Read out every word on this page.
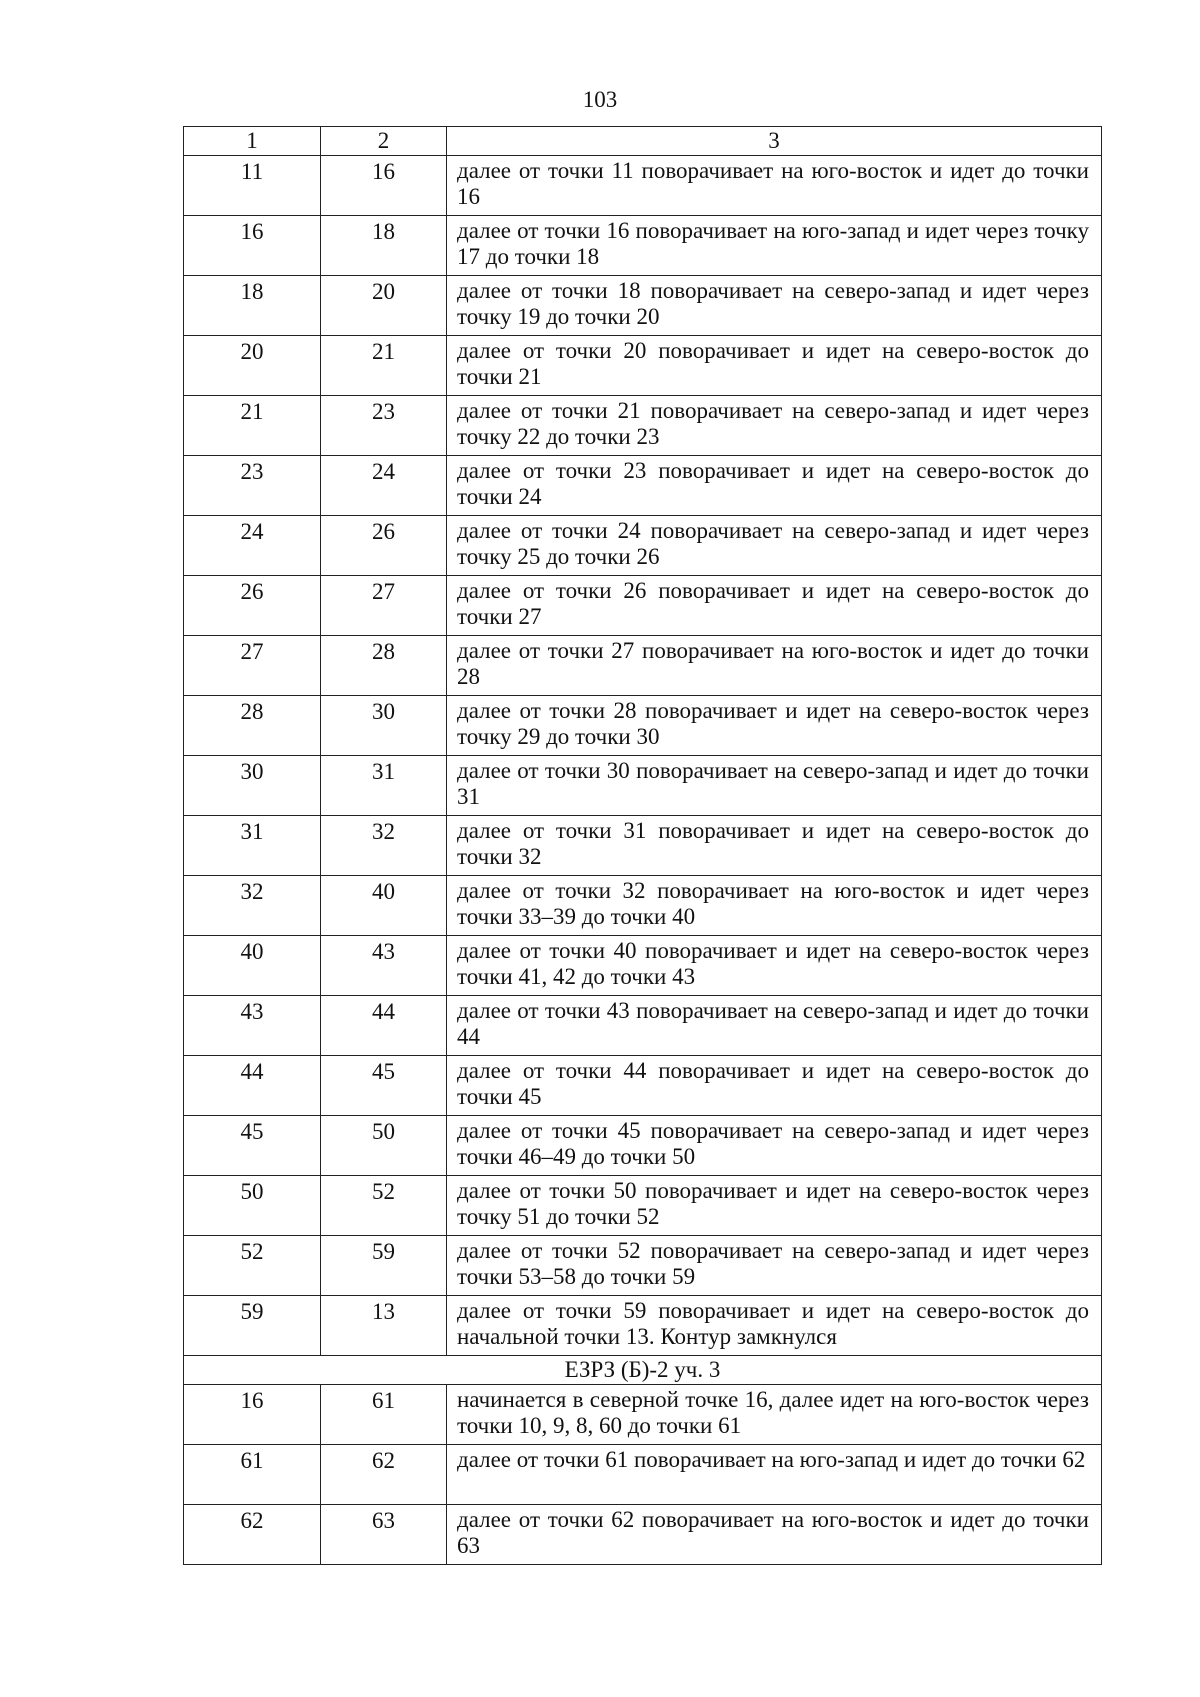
103
1	2	3
11	16	далее от точки 11 поворачивает на юго-восток и идет до точки 16
16	18	далее от точки 16 поворачивает на юго-запад и идет через точку 17 до точки 18
18	20	далее от точки 18 поворачивает на северо-запад и идет через точку 19 до точки 20
20	21	далее от точки 20 поворачивает и идет на северо-восток до точки 21
21	23	далее от точки 21 поворачивает на северо-запад и идет через точку 22 до точки 23
23	24	далее от точки 23 поворачивает и идет на северо-восток до точки 24
24	26	далее от точки 24 поворачивает на северо-запад и идет через точку 25 до точки 26
26	27	далее от точки 26 поворачивает и идет на северо-восток до точки 27
27	28	далее от точки 27 поворачивает на юго-восток и идет до точки 28
28	30	далее от точки 28 поворачивает и идет на северо-восток через точку 29 до точки 30
30	31	далее от точки 30 поворачивает на северо-запад и идет до точки 31
31	32	далее от точки 31 поворачивает и идет на северо-восток до точки 32
32	40	далее от точки 32 поворачивает на юго-восток и идет через точки 33–39 до точки 40
40	43	далее от точки 40 поворачивает и идет на северо-восток через точки 41, 42 до точки 43
43	44	далее от точки 43 поворачивает на северо-запад и идет до точки 44
44	45	далее от точки 44 поворачивает и идет на северо-восток до точки 45
45	50	далее от точки 45 поворачивает на северо-запад и идет через точки 46–49 до точки 50
50	52	далее от точки 50 поворачивает и идет на северо-восток через точку 51 до точки 52
52	59	далее от точки 52 поворачивает на северо-запад и идет через точки 53–58 до точки 59
59	13	далее от точки 59 поворачивает и идет на северо-восток до начальной точки 13. Контур замкнулся
ЕЗРЗ (Б)-2 уч. 3		
16	61	начинается в северной точке 16, далее идет на юго-восток через точки 10, 9, 8, 60 до точки 61
61	62	далее от точки 61 поворачивает на юго-запад и идет до точки 62
62	63	далее от точки 62 поворачивает на юго-восток и идет до точки 63
